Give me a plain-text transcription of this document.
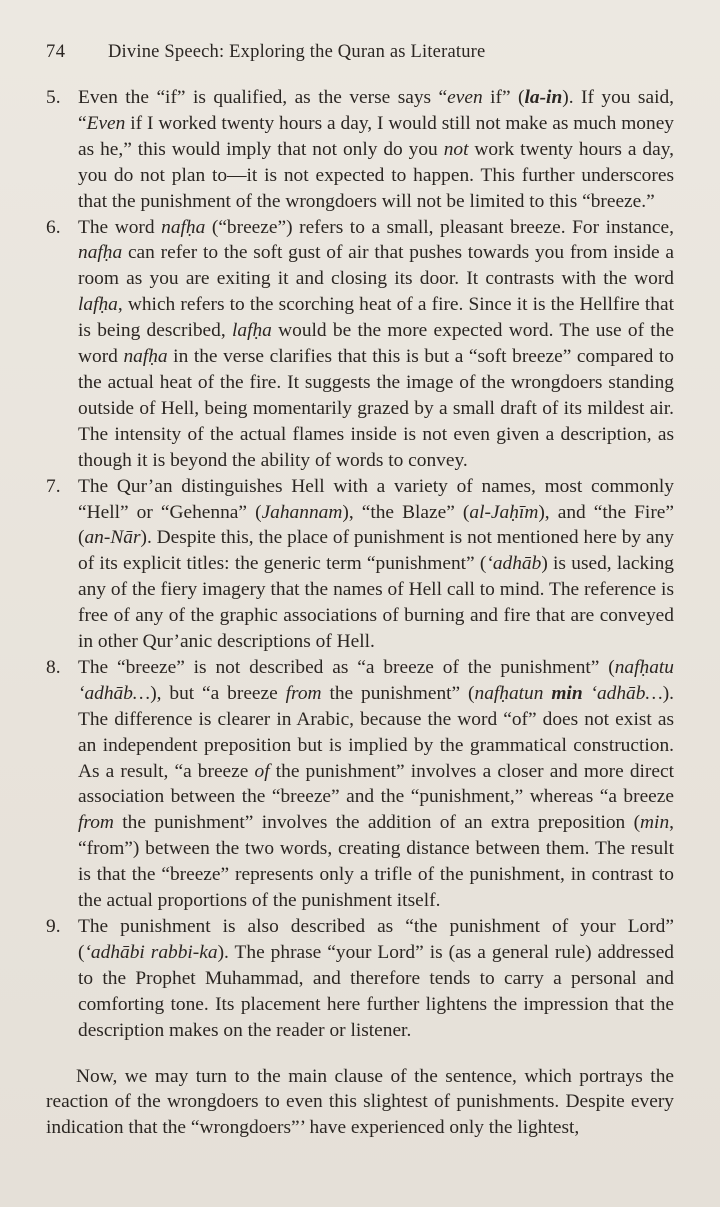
74	Divine Speech: Exploring the Quran as Literature
5. Even the “if” is qualified, as the verse says “even if” (la-in). If you said, “Even if I worked twenty hours a day, I would still not make as much money as he,” this would imply that not only do you not work twenty hours a day, you do not plan to—it is not expected to happen. This further underscores that the punishment of the wrongdoers will not be limited to this “breeze.”
6. The word nafḥa (“breeze”) refers to a small, pleasant breeze. For instance, nafḥa can refer to the soft gust of air that pushes towards you from inside a room as you are exiting it and closing its door. It contrasts with the word lafḥa, which refers to the scorching heat of a fire. Since it is the Hellfire that is being described, lafḥa would be the more expected word. The use of the word nafḥa in the verse clarifies that this is but a “soft breeze” compared to the actual heat of the fire. It suggests the image of the wrongdoers standing outside of Hell, being momentarily grazed by a small draft of its mildest air. The intensity of the actual flames inside is not even given a description, as though it is beyond the ability of words to convey.
7. The Qur’an distinguishes Hell with a variety of names, most commonly “Hell” or “Gehenna” (Jahannam), “the Blaze” (al-Jaḥīm), and “the Fire” (an-Nār). Despite this, the place of punishment is not mentioned here by any of its explicit titles: the generic term “punishment” (‘adhāb) is used, lacking any of the fiery imagery that the names of Hell call to mind. The reference is free of any of the graphic associations of burning and fire that are conveyed in other Qur’anic descriptions of Hell.
8. The “breeze” is not described as “a breeze of the punishment” (nafḥatu ‘adhāb…), but “a breeze from the punishment” (nafḥatun min ‘adhāb…). The difference is clearer in Arabic, because the word “of” does not exist as an independent preposition but is implied by the grammatical construction. As a result, “a breeze of the punishment” involves a closer and more direct association between the “breeze” and the “punishment,” whereas “a breeze from the punishment” involves the addition of an extra preposition (min, “from”) between the two words, creating distance between them. The result is that the “breeze” represents only a trifle of the punishment, in contrast to the actual proportions of the punishment itself.
9. The punishment is also described as “the punishment of your Lord” (‘adhābi rabbi-ka). The phrase “your Lord” is (as a general rule) addressed to the Prophet Muhammad, and therefore tends to carry a personal and comforting tone. Its placement here further lightens the impression that the description makes on the reader or listener.

Now, we may turn to the main clause of the sentence, which portrays the reaction of the wrongdoers to even this slightest of punishments. Despite every indication that the “wrongdoers”’ have experienced only the lightest,
